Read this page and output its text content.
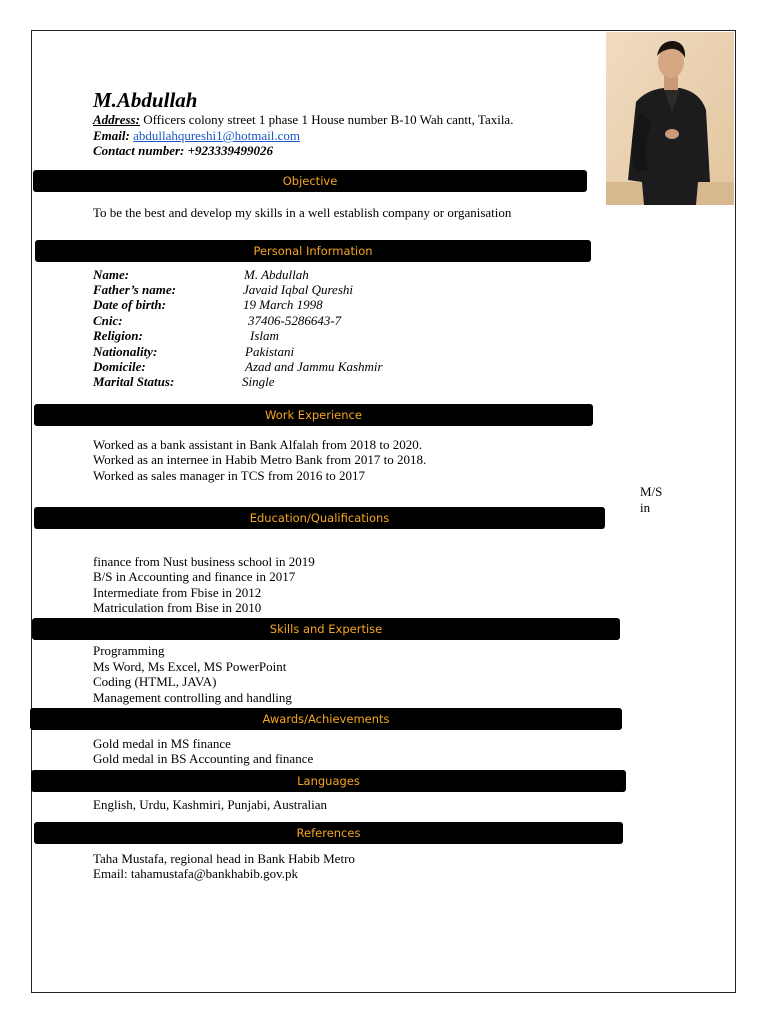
M.Abdullah
Address: Officers colony street 1 phase 1 House number B-10 Wah cantt, Taxila.
Email: abdullahqureshi1@hotmail.com
Contact number: +923339499026
Objective
To be the best and develop my skills in a well establish company or organisation
Personal Information
Name:	M. Abdullah
Father’s name:	Javaid Iqbal Qureshi
Date of birth:	19 March 1998
Cnic:	37406-5286643-7
Religion:	Islam
Nationality:	Pakistani
Domicile:	Azad and Jammu Kashmir
Marital Status:	Single
Work Experience
Worked as a bank assistant in Bank Alfalah from 2018 to 2020.
Worked as an internee in Habib Metro Bank from 2017 to 2018.
Worked as sales manager in TCS from 2016 to 2017
M/S
in
Education/Qualifications
finance from Nust business school in 2019
B/S in Accounting and finance in 2017
Intermediate from Fbise in 2012
Matriculation from Bise in 2010
Skills and Expertise
Programming
Ms Word, Ms Excel, MS PowerPoint
Coding (HTML, JAVA)
Management controlling and handling
Awards/Achievements
Gold medal in MS finance
Gold medal in BS Accounting and finance
Languages
English, Urdu, Kashmiri, Punjabi, Australian
References
Taha Mustafa, regional head in Bank Habib Metro
Email: tahamustafa@bankhabib.gov.pk
